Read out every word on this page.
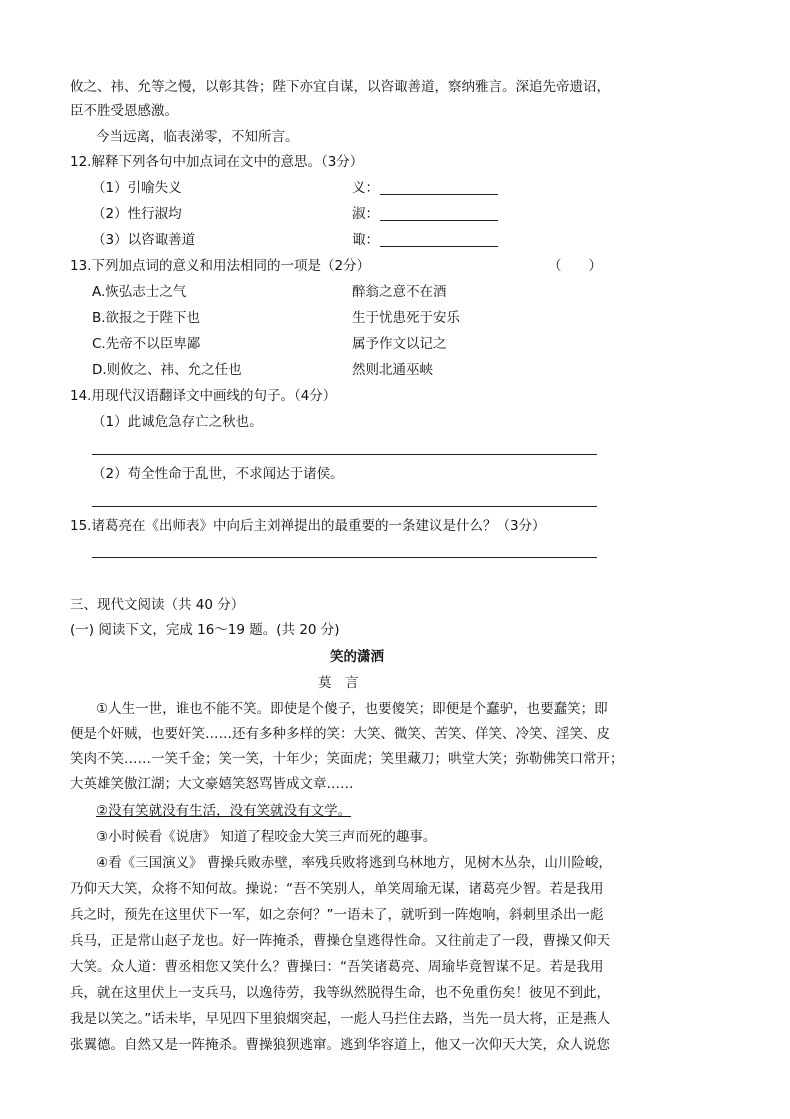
攸之、祎、允等之慢，以彰其咎；陛下亦宜自谋，以咨诹善道，察纳雅言。深追先帝遗诏，
臣不胜受恩感激。
今当远离，临表涕零，不知所言。
12.解释下列各句中加点词在文中的意思。（3分）
（1）引喻失义	义：
（2）性行淑均	淑：
（3）以咨诹善道	诹：
13.下列加点词的意义和用法相同的一项是（2分）	（　　）
A.恢弘志士之气	醉翁之意不在酒
B.欲报之于陛下也	生于忧患死于安乐
C.先帝不以臣卑鄙	属予作文以记之
D.则攸之、祎、允之任也	然则北通巫峡
14.用现代汉语翻译文中画线的句子。（4分）
（1）此诚危急存亡之秋也。
（2）苟全性命于乱世，不求闻达于诸侯。
15.诸葛亮在《出师表》中向后主刘禅提出的最重要的一条建议是什么？（3分）
三、现代文阅读（共 40 分）
(一) 阅读下文，完成 16～19 题。(共 20 分)
笑的潇洒
莫　言
①人生一世，谁也不能不笑。即使是个傻子，也要傻笑；即便是个蠢驴，也要蠢笑；即
便是个奸贼，也要奸笑……还有多种多样的笑：大笑、微笑、苦笑、佯笑、冷笑、淫笑、皮
笑肉不笑……一笑千金；笑一笑，十年少；笑面虎；笑里藏刀；哄堂大笑；弥勒佛笑口常开；
大英雄笑傲江湖；大文豪嬉笑怒骂皆成文章……
②没有笑就没有生活，没有笑就没有文学。
③小时候看《说唐》 知道了程咬金大笑三声而死的趣事。
④看《三国演义》 曹操兵败赤壁，率残兵败将逃到乌林地方，见树木丛杂，山川险峻，
乃仰天大笑，众将不知何故。操说：“吾不笑别人，单笑周瑜无谋，诸葛亮少智。若是我用
兵之时，预先在这里伏下一军，如之奈何？”一语未了，就听到一阵炮响，斜刺里杀出一彪
兵马，正是常山赵子龙也。好一阵掩杀，曹操仓皇逃得性命。又往前走了一段，曹操又仰天
大笑。众人道：曹丞相您又笑什么？曹操曰：“吾笑诸葛亮、周瑜毕竟智谋不足。若是我用
兵，就在这里伏上一支兵马，以逸待劳，我等纵然脱得生命，也不免重伤矣！彼见不到此，
我是以笑之。”话未毕，早见四下里狼烟突起，一彪人马拦住去路，当先一员大将，正是燕人
张翼德。自然又是一阵掩杀。曹操狼狈逃窜。逃到华容道上，他又一次仰天大笑，众人说您
